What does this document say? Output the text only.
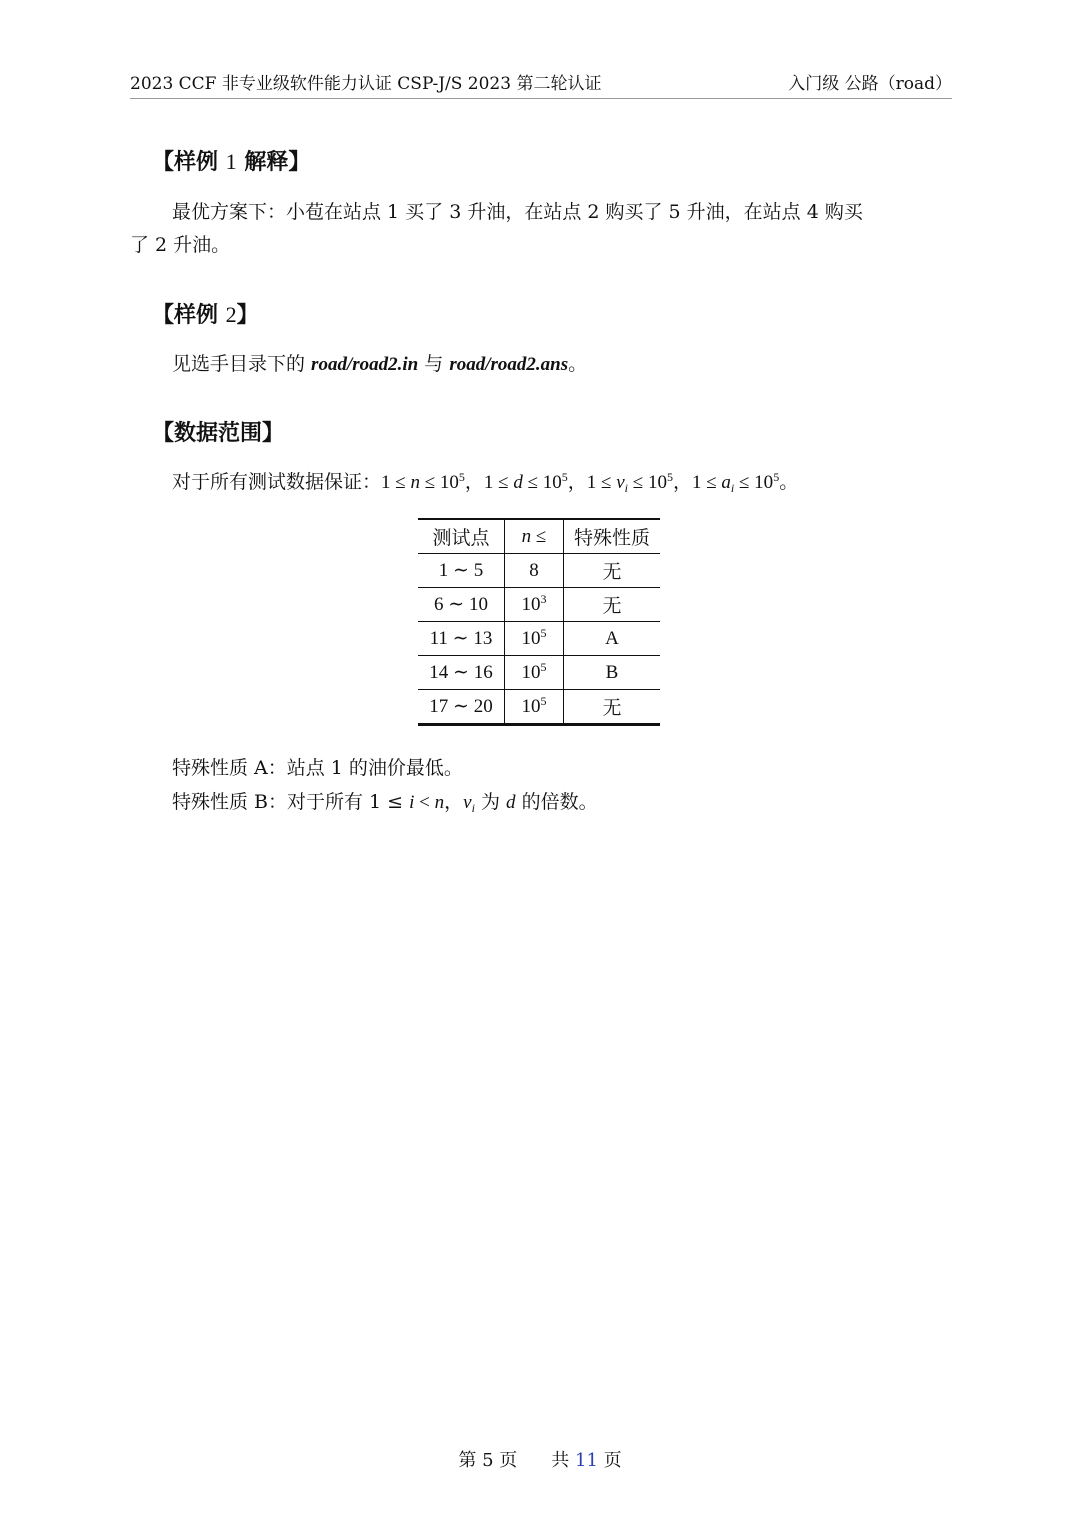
2023 CCF 非专业级软件能力认证 CSP-J/S 2023 第二轮认证	入门级 公路（road）
【样例 1 解释】
最优方案下：小苞在站点 1 买了 3 升油，在站点 2 购买了 5 升油，在站点 4 购买
了 2 升油。
【样例 2】
见选手目录下的 road/road2.in 与 road/road2.ans。
【数据范围】
对于所有测试数据保证：$1 \le n \le 10^5$，$1 \le d \le 10^5$，$1 \le v_i \le 10^5$，$1 \le a_i \le 10^5$。
测试点	n ≤	特殊性质
1 ∼ 5	8	无
6 ∼ 10	$10^3$	无
11 ∼ 13	$10^5$	A
14 ∼ 16	$10^5$	B
17 ∼ 20	$10^5$	无
特殊性质 A：站点 1 的油价最低。
特殊性质 B：对于所有 1 ≤ i < n，$v_i$ 为 d 的倍数。
第 5 页 共 11 页
